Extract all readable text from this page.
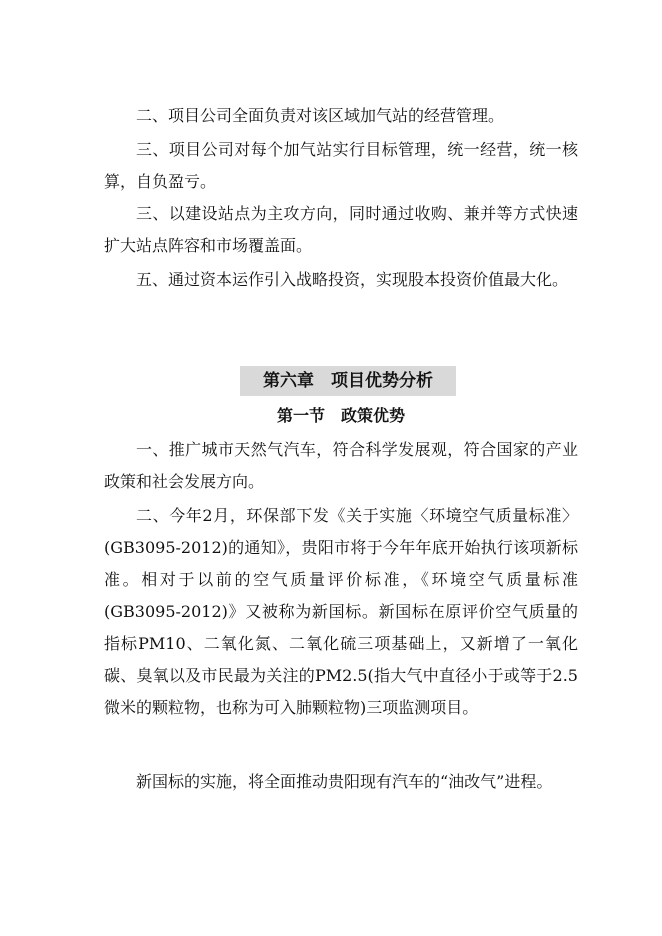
二、项目公司全面负责对该区域加气站的经营管理。

三、项目公司对每个加气站实行目标管理，统一经营，统一核算，自负盈亏。

三、以建设站点为主攻方向，同时通过收购、兼并等方式快速扩大站点阵容和市场覆盖面。

五、通过资本运作引入战略投资，实现股本投资价值最大化。

第六章　项目优势分析
第一节　政策优势

一、推广城市天然气汽车，符合科学发展观，符合国家的产业政策和社会发展方向。

二、今年2月，环保部下发《关于实施〈环境空气质量标准〉(GB3095-2012)的通知》，贵阳市将于今年年底开始执行该项新标准。相对于以前的空气质量评价标准，《环境空气质量标准(GB3095-2012)》又被称为新国标。新国标在原评价空气质量的指标PM10、二氧化氮、二氧化硫三项基础上，又新增了一氧化碳、臭氧以及市民最为关注的PM2.5(指大气中直径小于或等于2.5微米的颗粒物，也称为可入肺颗粒物)三项监测项目。

新国标的实施，将全面推动贵阳现有汽车的“油改气”进程。
